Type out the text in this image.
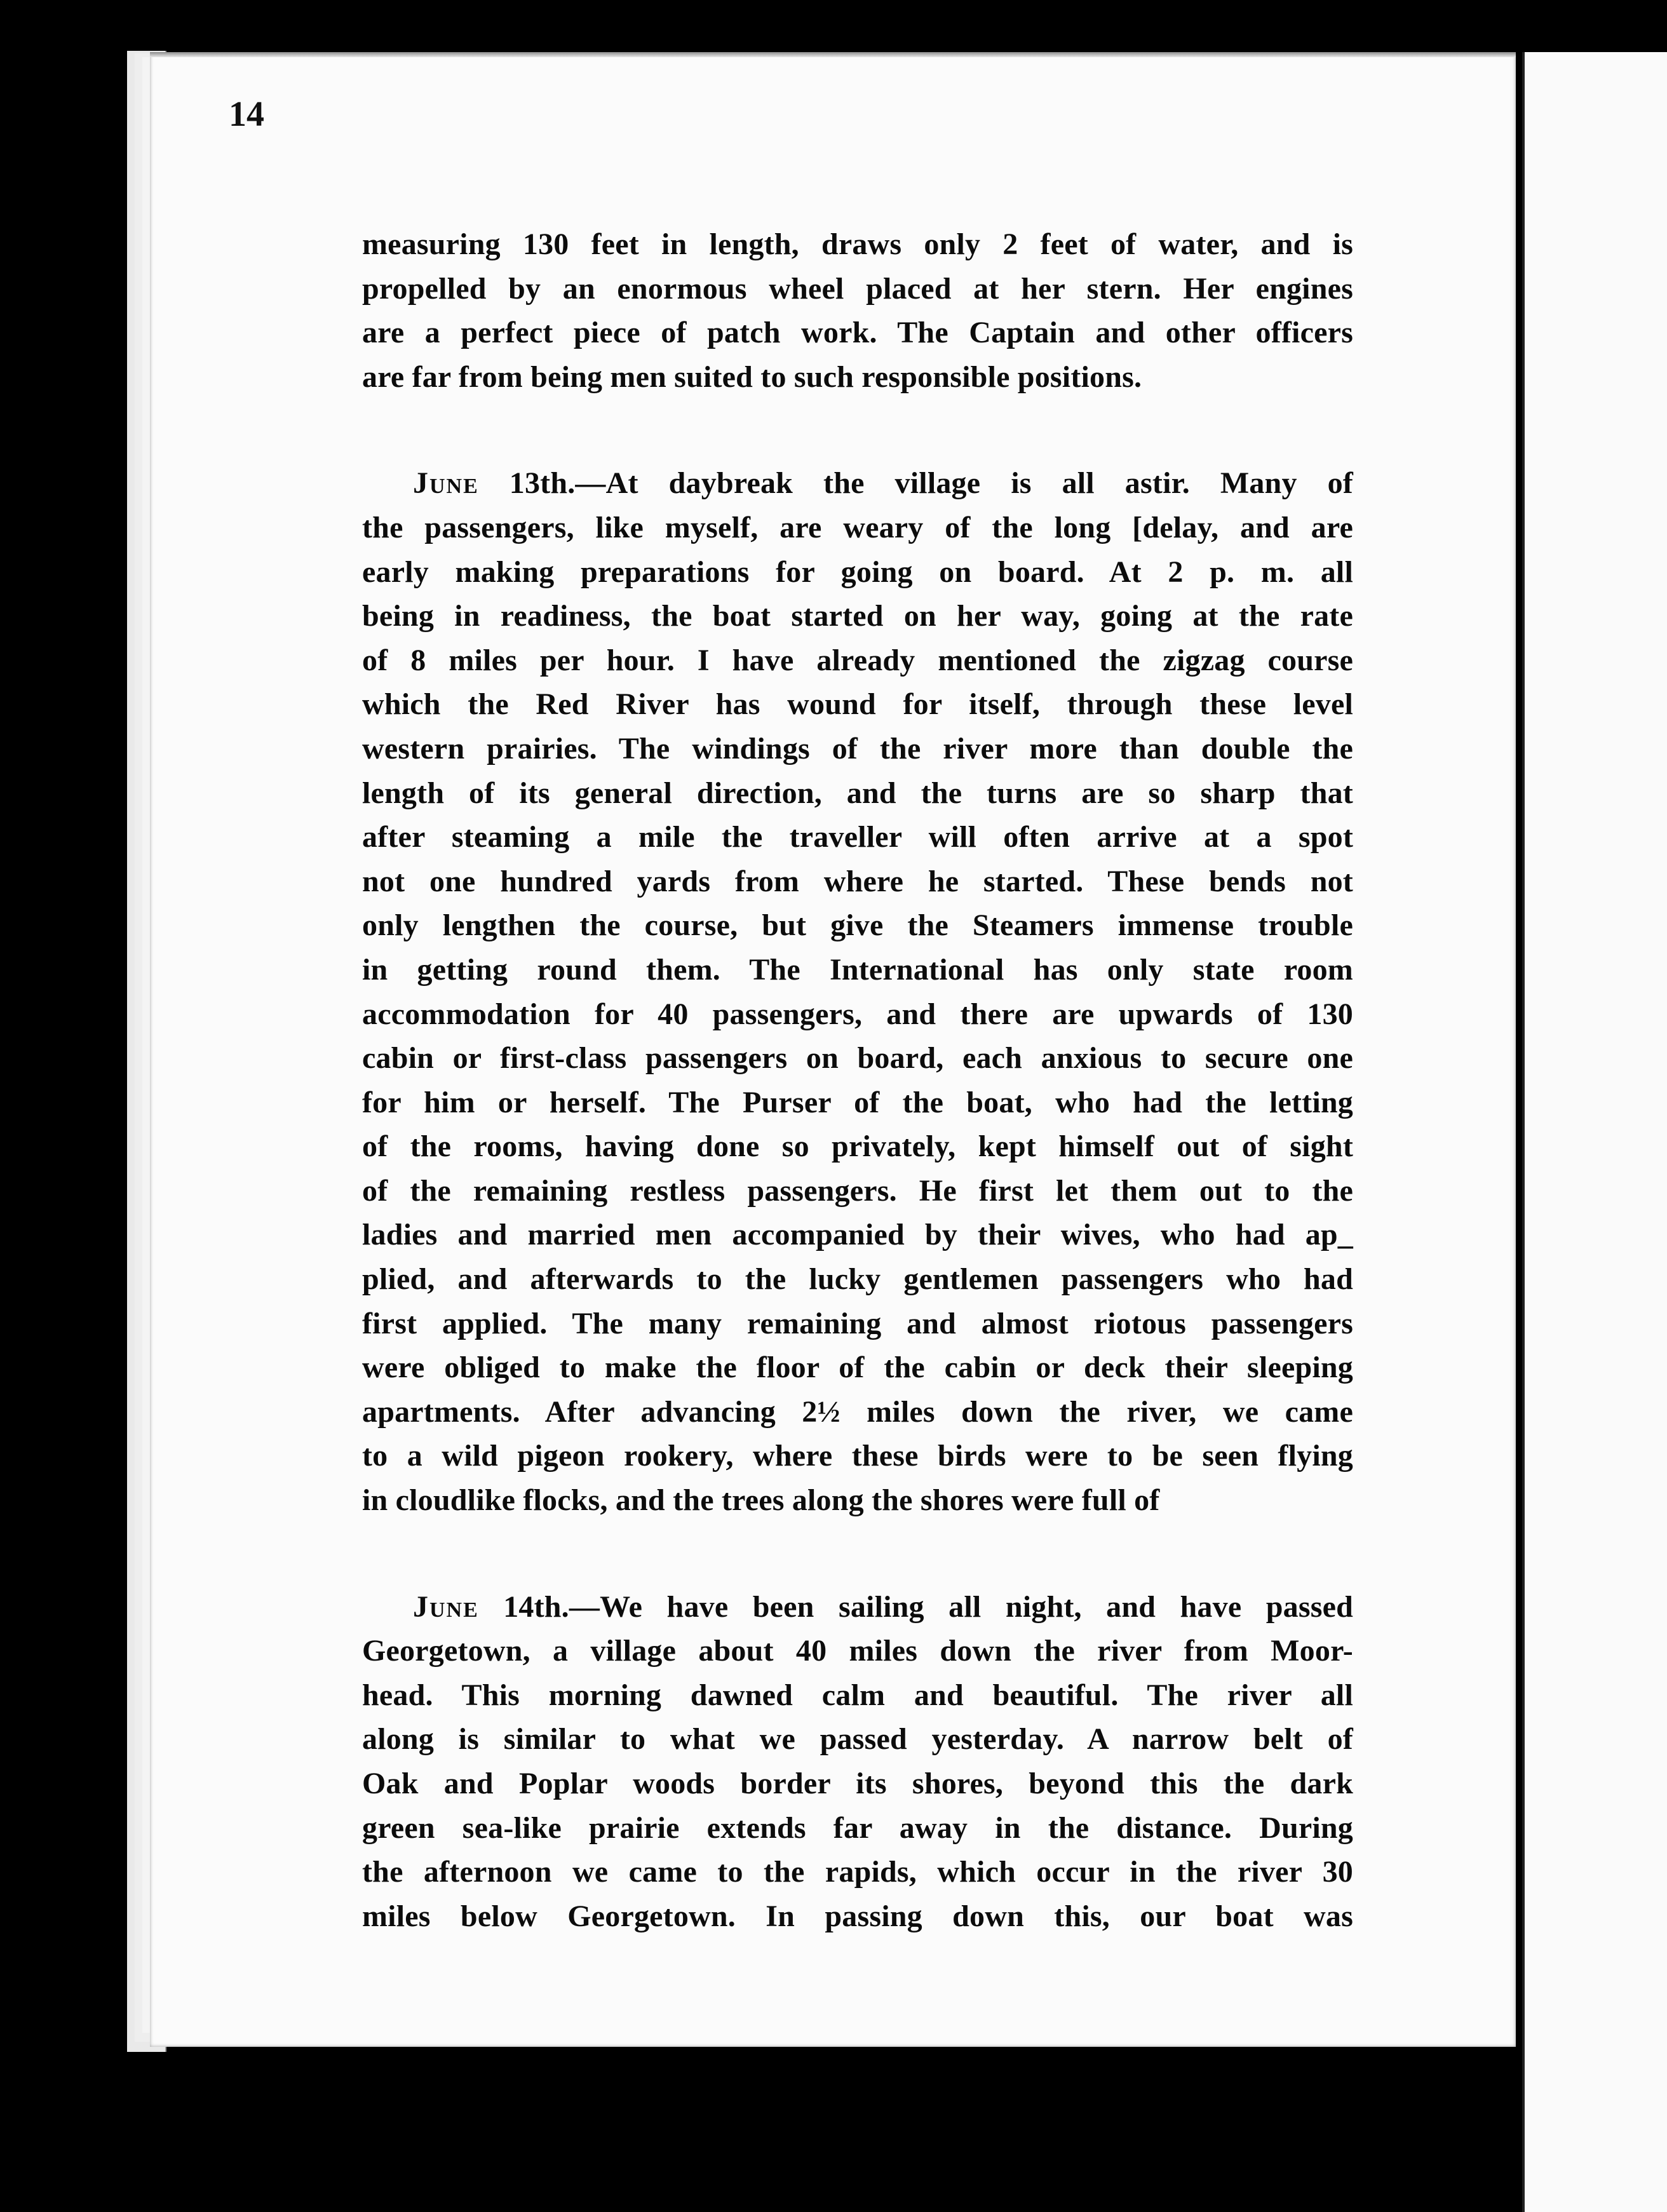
measuring 130 feet in length, draws only 2 feet of water, and is
propelled by an enormous wheel placed at her stern. Her engines
are a perfect piece of patch work. The Captain and other officers
are far from being men suited to such responsible positions.
June 13th.—At daybreak the village is all astir. Many of
the passengers, like myself, are weary of the long [delay, and are
early making preparations for going on board. At 2 p. m. all
being in readiness, the boat started on her way, going at the rate
of 8 miles per hour. I have already mentioned the zigzag course
which the Red River has wound for itself, through these level
western prairies. The windings of the river more than double the
length of its general direction, and the turns are so sharp that
after steaming a mile the traveller will often arrive at a spot
not one hundred yards from where he started. These bends not
only lengthen the course, but give the Steamers immense trouble
in getting round them. The International has only state room
accommodation for 40 passengers, and there are upwards of 130
cabin or first-class passengers on board, each anxious to secure one
for him or herself. The Purser of the boat, who had the letting
of the rooms, having done so privately, kept himself out of sight
of the remaining restless passengers. He first let them out to the
ladies and married men accompanied by their wives, who had ap_
plied, and afterwards to the lucky gentlemen passengers who had
first applied. The many remaining and almost riotous passengers
were obliged to make the floor of the cabin or deck their sleeping
apartments. After advancing 2½ miles down the river, we came
to a wild pigeon rookery, where these birds were to be seen flying
in cloudlike flocks, and the trees along the shores were full of
June 14th.—We have been sailing all night, and have passed
Georgetown, a village about 40 miles down the river from Moor-
head. This morning dawned calm and beautiful. The river all
along is similar to what we passed yesterday. A narrow belt of
Oak and Poplar woods border its shores, beyond this the dark
green sea-like prairie extends far away in the distance. During
the afternoon we came to the rapids, which occur in the river 30
miles below Georgetown. In passing down this, our boat was
